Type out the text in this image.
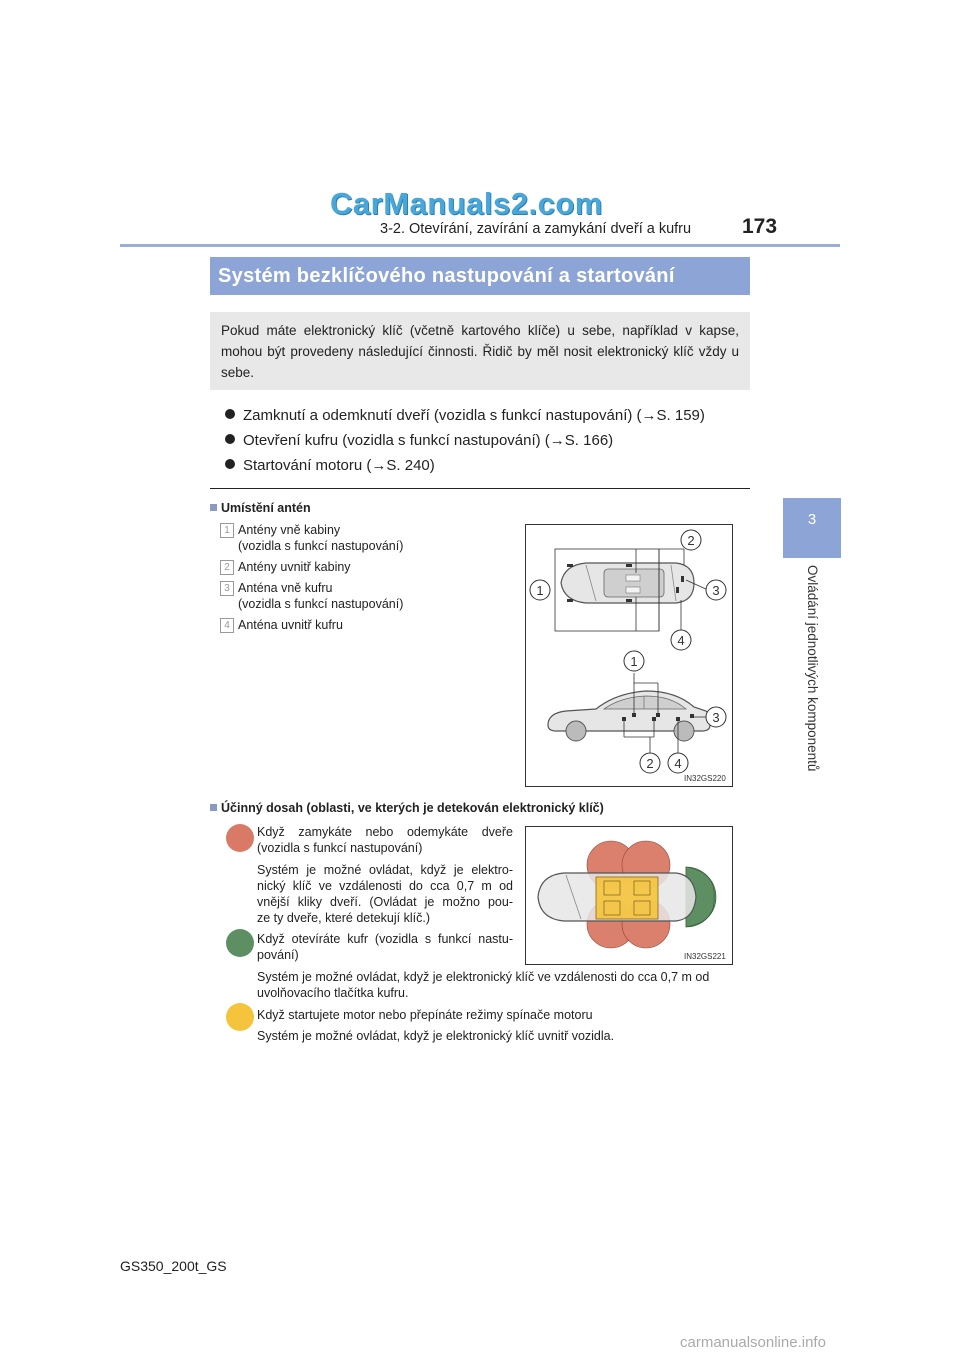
CarManuals2.com
3-2. Otevírání, zavírání a zamykání dveří a kufru 173
3
Ovládání jednotlivých komponentů
Systém bezklíčového nastupování a startování
Pokud máte elektronický klíč (včetně kartového klíče) u sebe, například v kapse, mohou být provedeny následující činnosti. Řidič by měl nosit elektronický klíč vždy u sebe.
Zamknutí a odemknutí dveří (vozidla s funkcí nastupování) (→S. 159)
Otevření kufru (vozidla s funkcí nastupování) (→S. 166)
Startování motoru (→S. 240)
Umístění antén
1 Antény vně kabiny
(vozidla s funkcí nastupování)
2 Antény uvnitř kabiny
3 Anténa vně kufru
(vozidla s funkcí nastupování)
4 Anténa uvnitř kufru
2
1	3
4
1
3
2 4
IN32GS220
Účinný dosah (oblasti, ve kterých je detekován elektronický klíč)
Když zamykáte nebo odemykáte dveře
(vozidla s funkcí nastupování)
Systém je možné ovládat, když je elektro-
nický klíč ve vzdálenosti do cca 0,7 m od
vnější kliky dveří. (Ovládat je možno pou-
ze ty dveře, které detekují klíč.)
Když otevíráte kufr (vozidla s funkcí nastu-
pování)
Systém je možné ovládat, když je elektronický klíč ve vzdálenosti do cca 0,7 m od
uvolňovacího tlačítka kufru.
Když startujete motor nebo přepínáte režimy spínače motoru
Systém je možné ovládat, když je elektronický klíč uvnitř vozidla.
IN32GS221
GS350_200t_GS
carmanualsonline.info
